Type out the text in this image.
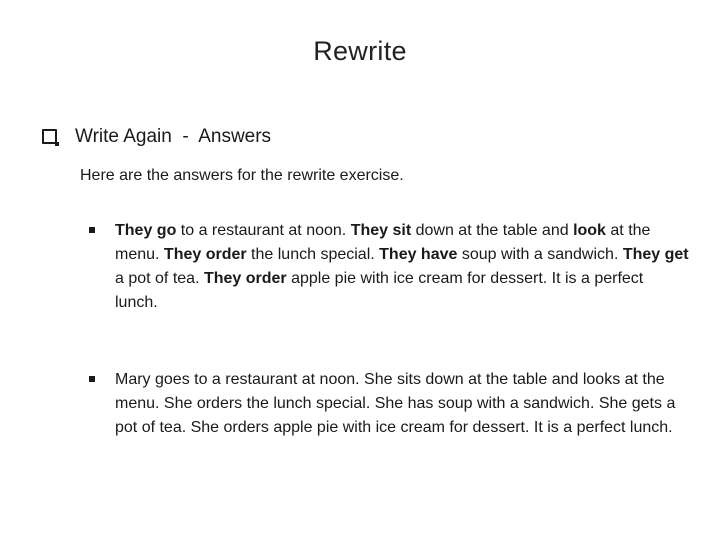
Rewrite
Write Again  -  Answers
Here are the answers for the rewrite exercise.
They go to a restaurant at noon. They sit down at the table and look at the menu. They order the lunch special. They have soup with a sandwich. They get a pot of tea. They order apple pie with ice cream for dessert. It is a perfect lunch.
Mary goes to a restaurant at noon. She sits down at the table and looks at the menu. She orders the lunch special. She has soup with a sandwich. She gets a pot of tea. She orders apple pie with ice cream for dessert. It is a perfect lunch.
